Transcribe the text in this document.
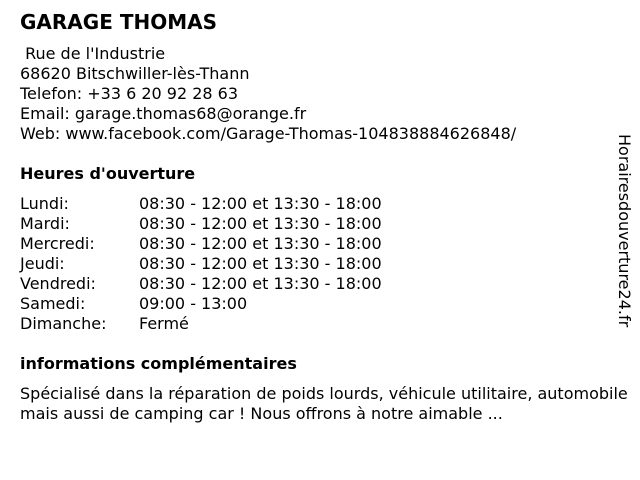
GARAGE THOMAS
Rue de l'Industrie
68620 Bitschwiller-lès-Thann
Telefon: +33 6 20 92 28 63
Email: garage.thomas68@orange.fr
Web: www.facebook.com/Garage-Thomas-104838884626848/
Heures d'ouverture
Lundi:	08:30 - 12:00 et 13:30 - 18:00
Mardi:	08:30 - 12:00 et 13:30 - 18:00
Mercredi:	08:30 - 12:00 et 13:30 - 18:00
Jeudi:	08:30 - 12:00 et 13:30 - 18:00
Vendredi:	08:30 - 12:00 et 13:30 - 18:00
Samedi:	09:00 - 13:00
Dimanche:	Fermé
informations complémentaires
Spécialisé dans la réparation de poids lourds, véhicule utilitaire, automobile mais aussi de camping car ! Nous offrons à notre aimable ...
Horairesdouverture24.fr
